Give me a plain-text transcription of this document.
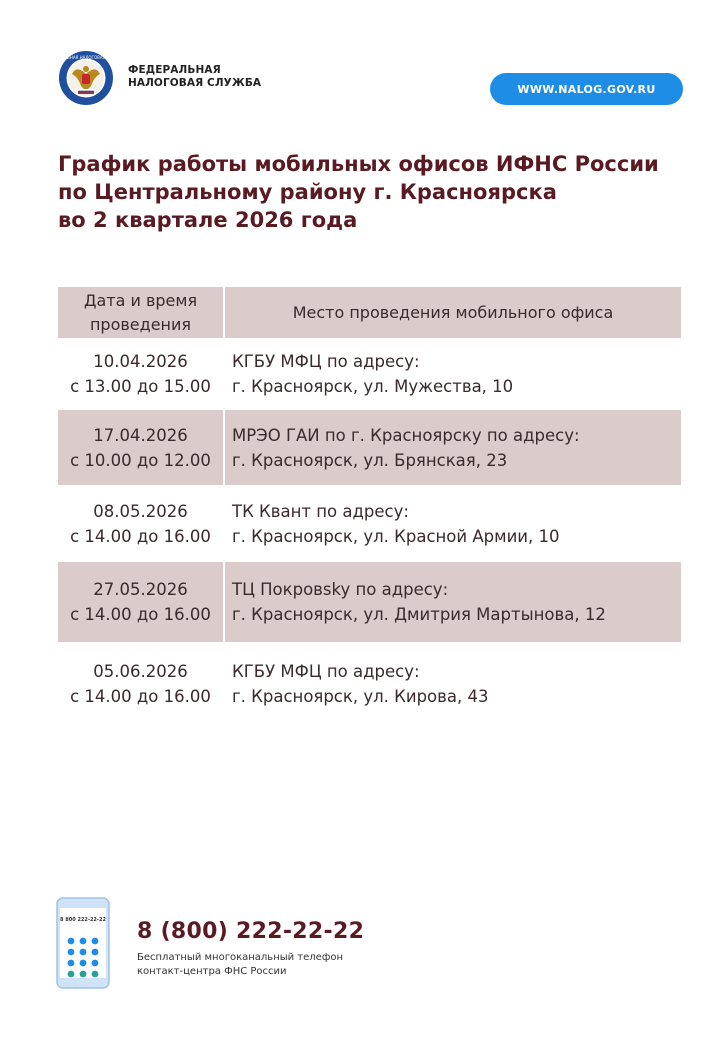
ФЕДЕРАЛЬНАЯ НАЛОГОВАЯ СЛУЖБА
ФЕДЕРАЛЬНАЯ
НАЛОГОВАЯ СЛУЖБА	WWW.NALOG.GOV.RU
График работы мобильных офисов ИФНС России
по Центральному району г. Красноярска
во 2 квартале 2026 года
Дата и время
проведения
Место проведения мобильного офиса
10.04.2026
с 13.00 до 15.00
КГБУ МФЦ по адресу:
г. Красноярск, ул. Мужества, 10
17.04.2026
с 10.00 до 12.00
МРЭО ГАИ по г. Красноярску по адресу:
г. Красноярск, ул. Брянская, 23
08.05.2026
с 14.00 до 16.00
ТК Квант по адресу:
г. Красноярск, ул. Красной Армии, 10
27.05.2026
с 14.00 до 16.00
ТЦ Покровsky по адресу:
г. Красноярск, ул. Дмитрия Мартынова, 12
05.06.2026
с 14.00 до 16.00
КГБУ МФЦ по адресу:
г. Красноярск, ул. Кирова, 43
8 800 222-22-22 8 (800) 222-22-22
Бесплатный многоканальный телефон
контакт-центра ФНС России
